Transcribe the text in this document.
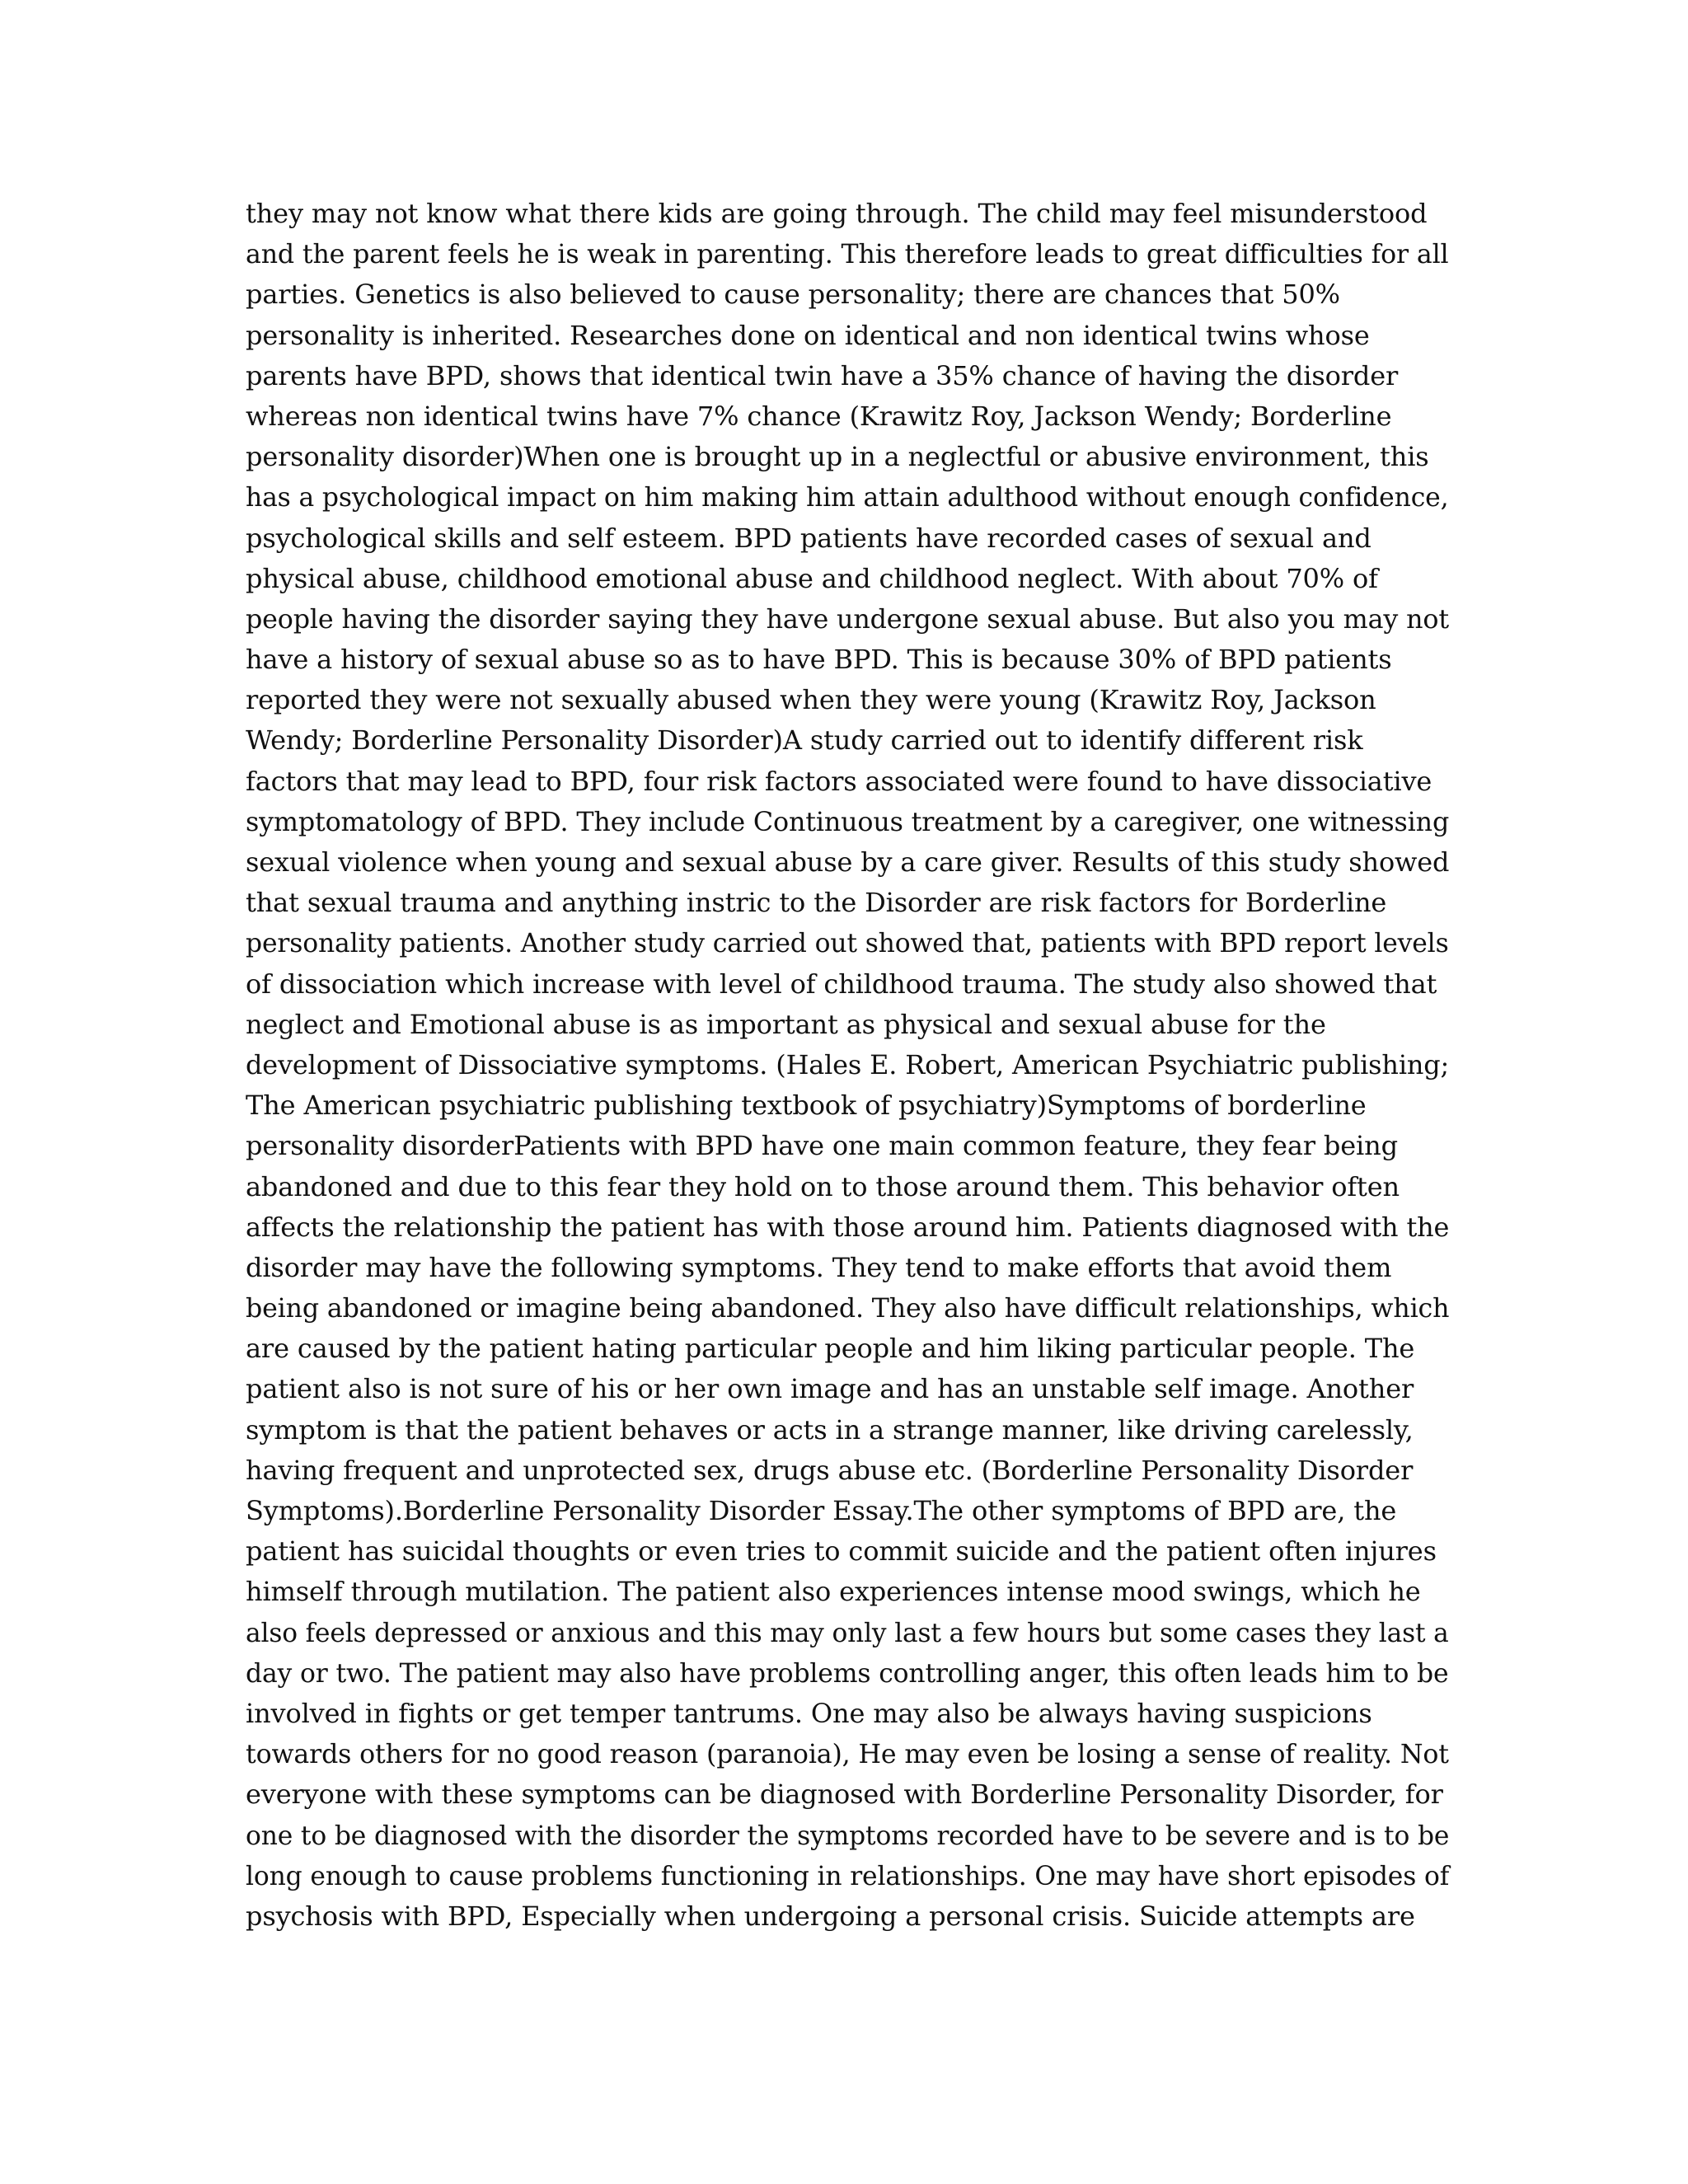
they may not know what there kids are going through. The child may feel misunderstood
and the parent feels he is weak in parenting. This therefore leads to great difficulties for all
parties. Genetics is also believed to cause personality; there are chances that 50%
personality is inherited. Researches done on identical and non identical twins whose
parents have BPD, shows that identical twin have a 35% chance of having the disorder
whereas non identical twins have 7% chance (Krawitz Roy, Jackson Wendy; Borderline
personality disorder)When one is brought up in a neglectful or abusive environment, this
has a psychological impact on him making him attain adulthood without enough confidence,
psychological skills and self esteem. BPD patients have recorded cases of sexual and
physical abuse, childhood emotional abuse and childhood neglect. With about 70% of
people having the disorder saying they have undergone sexual abuse. But also you may not
have a history of sexual abuse so as to have BPD. This is because 30% of BPD patients
reported they were not sexually abused when they were young (Krawitz Roy, Jackson
Wendy; Borderline Personality Disorder)A study carried out to identify different risk
factors that may lead to BPD, four risk factors associated were found to have dissociative
symptomatology of BPD. They include Continuous treatment by a caregiver, one witnessing
sexual violence when young and sexual abuse by a care giver. Results of this study showed
that sexual trauma and anything instric to the Disorder are risk factors for Borderline
personality patients. Another study carried out showed that, patients with BPD report levels
of dissociation which increase with level of childhood trauma. The study also showed that
neglect and Emotional abuse is as important as physical and sexual abuse for the
development of Dissociative symptoms. (Hales E. Robert, American Psychiatric publishing;
The American psychiatric publishing textbook of psychiatry)Symptoms of borderline
personality disorderPatients with BPD have one main common feature, they fear being
abandoned and due to this fear they hold on to those around them. This behavior often
affects the relationship the patient has with those around him. Patients diagnosed with the
disorder may have the following symptoms. They tend to make efforts that avoid them
being abandoned or imagine being abandoned. They also have difficult relationships, which
are caused by the patient hating particular people and him liking particular people. The
patient also is not sure of his or her own image and has an unstable self image. Another
symptom is that the patient behaves or acts in a strange manner, like driving carelessly,
having frequent and unprotected sex, drugs abuse etc. (Borderline Personality Disorder
Symptoms).Borderline Personality Disorder Essay.The other symptoms of BPD are, the
patient has suicidal thoughts or even tries to commit suicide and the patient often injures
himself through mutilation. The patient also experiences intense mood swings, which he
also feels depressed or anxious and this may only last a few hours but some cases they last a
day or two. The patient may also have problems controlling anger, this often leads him to be
involved in fights or get temper tantrums. One may also be always having suspicions
towards others for no good reason (paranoia), He may even be losing a sense of reality. Not
everyone with these symptoms can be diagnosed with Borderline Personality Disorder, for
one to be diagnosed with the disorder the symptoms recorded have to be severe and is to be
long enough to cause problems functioning in relationships. One may have short episodes of
psychosis with BPD, Especially when undergoing a personal crisis. Suicide attempts are
